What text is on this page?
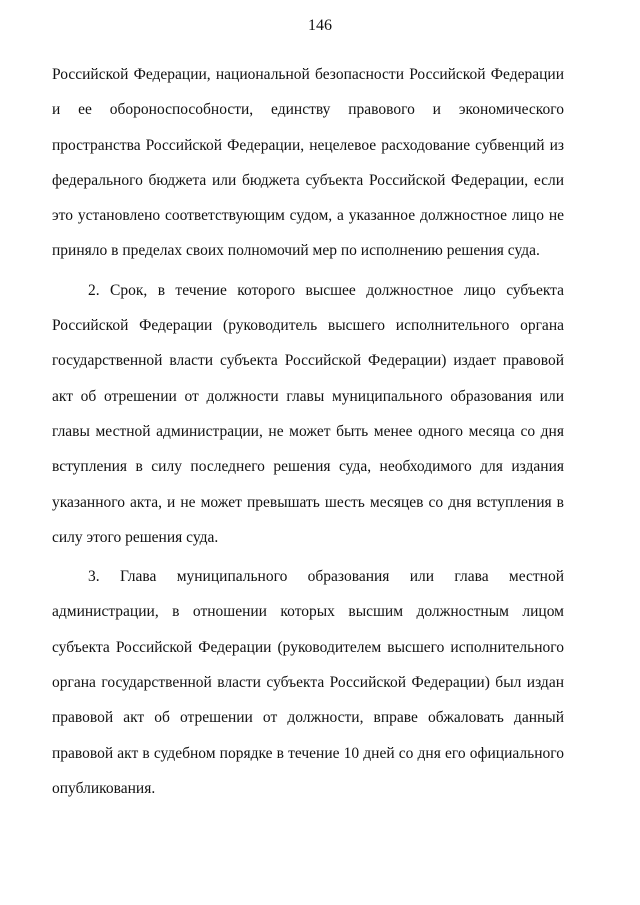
146
Российской Федерации, национальной безопасности Российской Федерации
и ее обороноспособности, единству правового и экономического
пространства Российской Федерации, нецелевое расходование субвенций из
федерального бюджета или бюджета субъекта Российской Федерации, если
это установлено соответствующим судом, а указанное должностное лицо не
приняло в пределах своих полномочий мер по исполнению решения суда.
2. Срок, в течение которого высшее должностное лицо субъекта
Российской Федерации (руководитель высшего исполнительного органа
государственной власти субъекта Российской Федерации) издает правовой
акт об отрешении от должности главы муниципального образования или
главы местной администрации, не может быть менее одного месяца со дня
вступления в силу последнего решения суда, необходимого для издания
указанного акта, и не может превышать шесть месяцев со дня вступления в
силу этого решения суда.
3. Глава муниципального образования или глава местной
администрации, в отношении которых высшим должностным лицом
субъекта Российской Федерации (руководителем высшего исполнительного
органа государственной власти субъекта Российской Федерации) был издан
правовой акт об отрешении от должности, вправе обжаловать данный
правовой акт в судебном порядке в течение 10 дней со дня его официального
опубликования.
